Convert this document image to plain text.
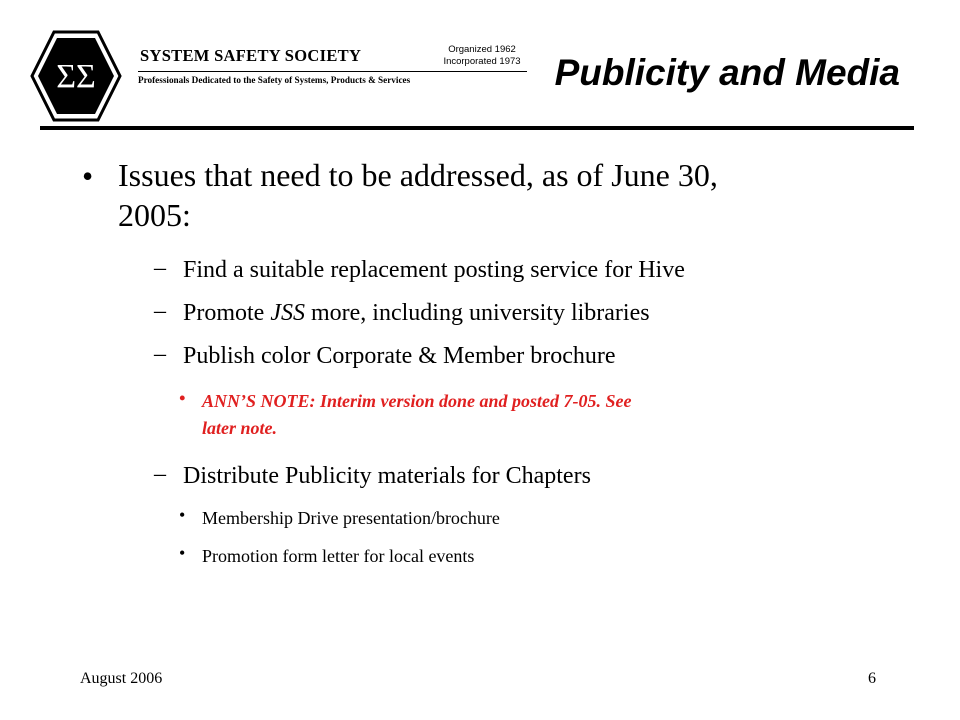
ΣΣ
SYSTEM SAFETY SOCIETY
Professionals Dedicated to the Safety of Systems, Products & Services
Organized 1962
Incorporated 1973 Publicity and Media
• Issues that need to be addressed, as of June 30,
2005:
– Find a suitable replacement posting service for Hive
– Promote JSS more, including university libraries
– Publish color Corporate & Member brochure
• ANN’S NOTE: Interim version done and posted 7-05. See
later note.
– Distribute Publicity materials for Chapters
• Membership Drive presentation/brochure
• Promotion form letter for local events
August 2006	6
